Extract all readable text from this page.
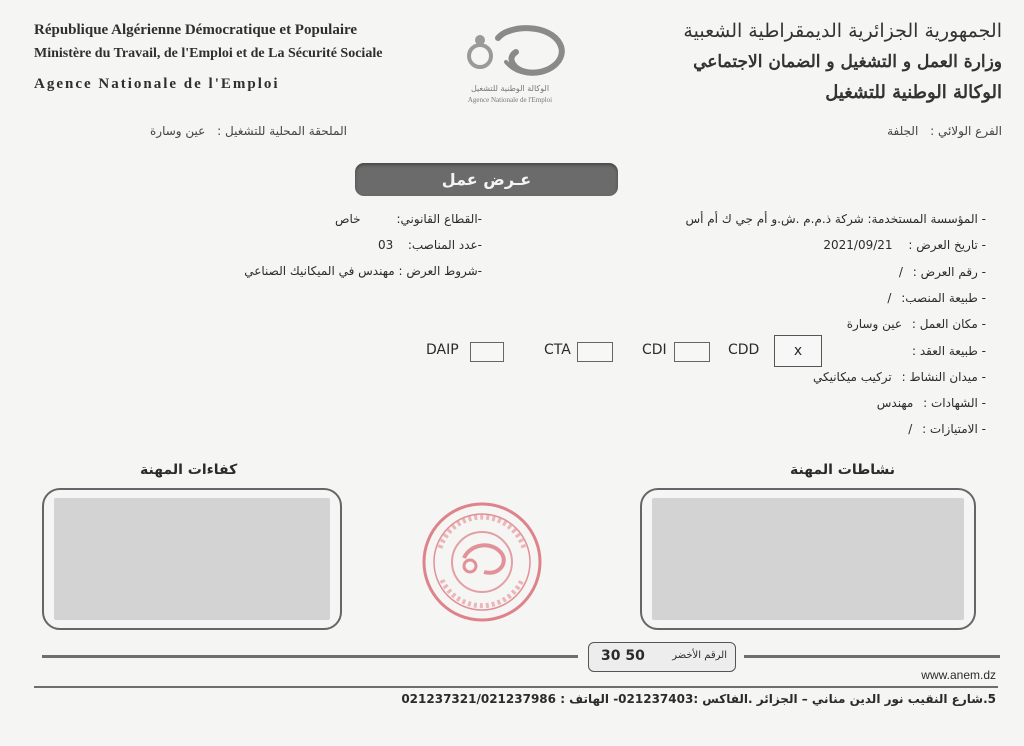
République Algérienne Démocratique et Populaire
Ministère du Travail, de l'Emploi et de La Sécurité Sociale
Agence Nationale de l'Emploi	الوكالة الوطنية للتشغيل
Agence Nationale de l'Emploi
الجمهورية الجزائرية الديمقراطية الشعبية
وزارة العمل و التشغيل و الضمان الاجتماعي
الوكالة الوطنية للتشغيل
الفرع الولائي : الجلفة
الملحقة المحلية للتشغيل : عين وسارة
عـرض عمل
-القطاع القانوني:
خاص
-عدد المناصب:
03
-شروط العرض : مهندس في الميكانيك الصناعي
- المؤسسة المستخدمة: شركة ذ.م.م .ش.و أم جي ك أم أس
- تاريخ العرض : 2021/09/21
- رقم العرض : /
- طبيعة المنصب: /
- مكان العمل : عين وسارة
- طبيعة العقد :
- ميدان النشاط : تركيب ميكانيكي
- الشهادات : مهندس
- الامتيازات : /
DAIP	CTA	CDI	CDD	x
كفاءات المهنة	نشاطات المهنة
الرقم الأخضر
30 50
www.anem.dz
5.شارع النقيب نور الدين مناني – الجزائر .الفاكس :021237403- الهاتف : 021237321/021237986
